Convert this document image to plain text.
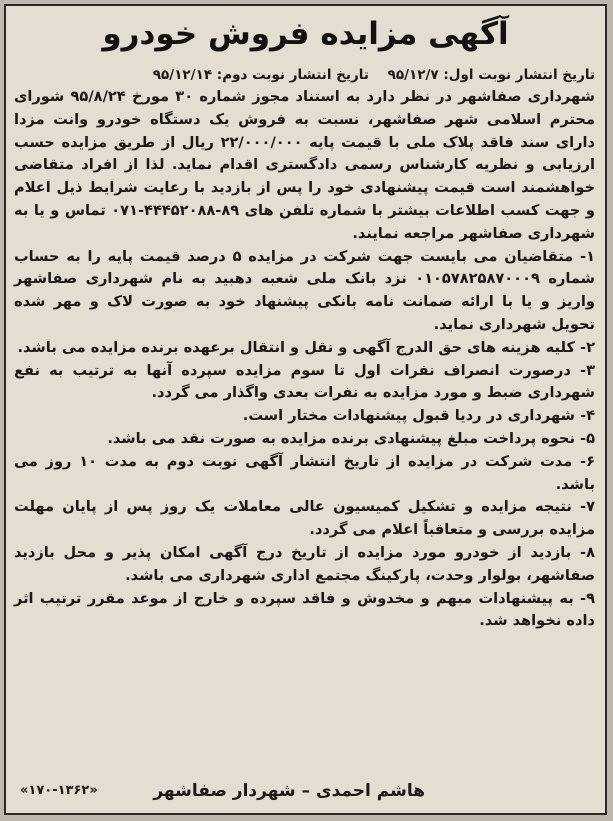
آگهی مزایده فروش خودرو
تاریخ انتشار نوبت اول: ۹۵/۱۲/۷ تاریخ انتشار نوبت دوم: ۹۵/۱۲/۱۴

شهرداری صفاشهر در نظر دارد به استناد مجوز شماره ۳۰ مورخ ۹۵/۸/۲۴ شورای محترم اسلامی شهر صفاشهر، نسبت به فروش یک دستگاه خودرو وانت مزدا دارای سند فاقد پلاک ملی با قیمت پایه ۲۲/۰۰۰/۰۰۰ ریال از طریق مزایده حسب ارزیابی و نظریه کارشناس رسمی دادگستری اقدام نماید. لذا از افراد متقاضی خواهشمند است قیمت پیشنهادی خود را پس از بازدید با رعایت شرایط ذیل اعلام و جهت کسب اطلاعات بیشتر با شماره تلفن های ۸۹-۴۴۴۵۲۰۸۸-۰۷۱ تماس و یا به شهرداری صفاشهر مراجعه نمایند.

۱- متقاضیان می بایست جهت شرکت در مزایده ۵ درصد قیمت پایه را به حساب شماره ۰۱۰۵۷۸۲۵۸۷۰۰۰۹ نزد بانک ملی شعبه دهبید به نام شهرداری صفاشهر واریز و یا با ارائه ضمانت نامه بانکی پیشنهاد خود به صورت لاک و مهر شده تحویل شهرداری نماید.

۲- کلیه هزینه های حق الدرج آگهی و نقل و انتقال برعهده برنده مزایده می باشد.

۳- درصورت انصراف نفرات اول تا سوم مزایده سپرده آنها به ترتیب به نفع شهرداری ضبط و مورد مزایده به نفرات بعدی واگذار می گردد.

۴- شهرداری در ردیا قبول پیشنهادات مختار است.

۵- نحوه پرداخت مبلغ پیشنهادی برنده مزایده به صورت نقد می باشد.

۶- مدت شرکت در مزایده از تاریخ انتشار آگهی نوبت دوم به مدت ۱۰ روز می باشد.

۷- نتیجه مزایده و تشکیل کمیسیون عالی معاملات یک روز پس از پایان مهلت مزایده بررسی و متعاقباً اعلام می گردد.

۸- بازدید از خودرو مورد مزایده از تاریخ درج آگهی امکان پذیر و محل بازدید صفاشهر، بولوار وحدت، پارکینگ مجتمع اداری شهرداری می باشد.

۹- به پیشنهادات مبهم و مخدوش و فاقد سپرده و خارج از موعد مقرر ترتیب اثر داده نخواهد شد.

هاشم احمدی – شهردار صفاشهر
«۱۷۰-۱۳۶۲»
